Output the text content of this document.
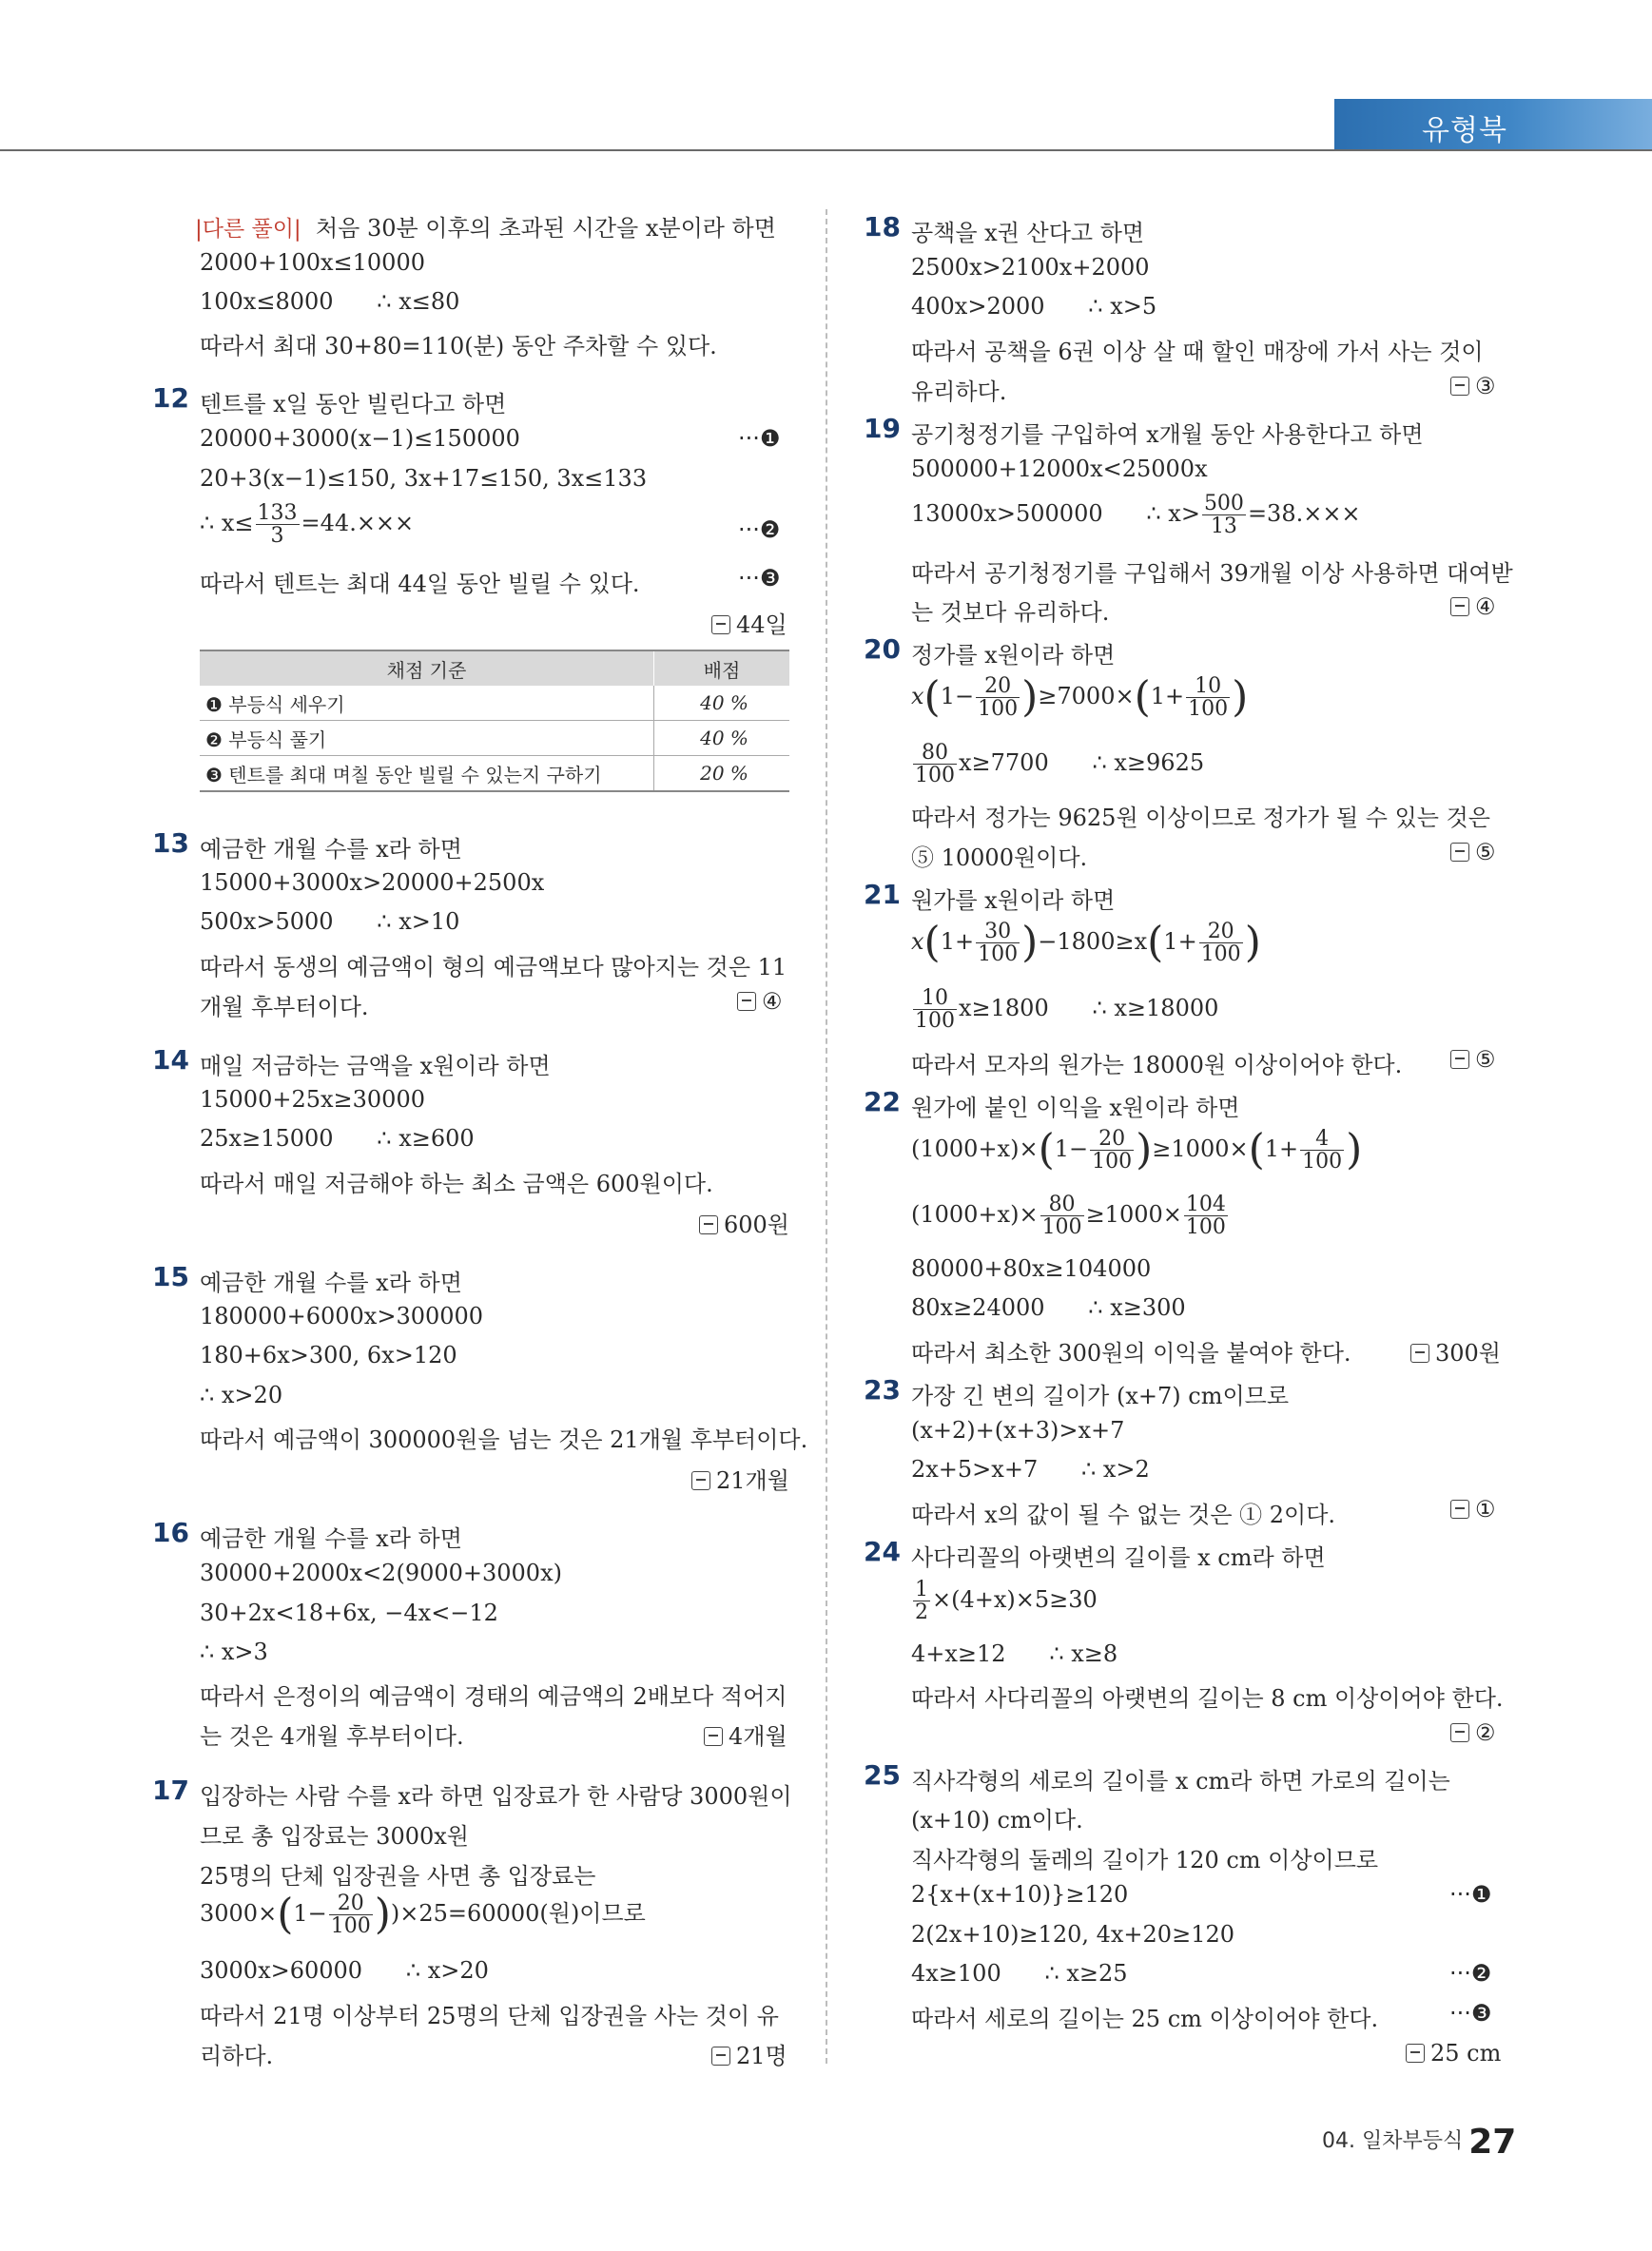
유형북
|다른 풀이| 처음 30분 이후의 초과된 시간을 x분이라 하면
2000+100x≤10000
100x≤8000      ∴ x≤80
따라서 최대 30+80=110(분) 동안 주차할 수 있다.
12 텐트를 x일 동안 빌린다고 하면
20000+3000(x−1)≤150000	···❶
20+3(x−1)≤150, 3x+17≤150, 3x≤133
∴ $x\le \frac{133}{3} =44.\times\times\times$	···❷
따라서 텐트는 최대 44일 동안 빌릴 수 있다.	···❸
44일
채점 기준	배점
❶ 부등식 세우기	40 %
❷ 부등식 풀기	40 %
❸ 텐트를 최대 며칠 동안 빌릴 수 있는지 구하기	20 %
13 예금한 개월 수를 x라 하면
15000+3000x>20000+2500x
500x>5000      ∴ x>10
따라서 동생의 예금액이 형의 예금액보다 많아지는 것은 11
개월 후부터이다.	④
14 매일 저금하는 금액을 x원이라 하면
15000+25x≥30000
25x≥15000      ∴ x≥600
따라서 매일 저금해야 하는 최소 금액은 600원이다.
600원
15 예금한 개월 수를 x라 하면
180000+6000x>300000
180+6x>300, 6x>120
∴ x>20
따라서 예금액이 300000원을 넘는 것은 21개월 후부터이다.
21개월
16 예금한 개월 수를 x라 하면
30000+2000x<2(9000+3000x)
30+2x<18+6x, −4x<−12
∴ x>3
따라서 은정이의 예금액이 경태의 예금액의 2배보다 적어지
는 것은 4개월 후부터이다.	4개월
17 입장하는 사람 수를 x라 하면 입장료가 한 사람당 3000원이
므로 총 입장료는 3000x원
25명의 단체 입장권을 사면 총 입장료는
$3000\times(1- \frac{20}{100} ))\times 25=60000$(원)이므로
3000x>60000      ∴ x>20
따라서 21명 이상부터 25명의 단체 입장권을 사는 것이 유
리하다.	21명
18 공책을 x권 산다고 하면
2500x>2100x+2000
400x>2000      ∴ x>5
따라서 공책을 6권 이상 살 때 할인 매장에 가서 사는 것이
유리하다.	③
19 공기청정기를 구입하여 x개월 동안 사용한다고 하면
500000+12000x<25000x
13000x>500000      ∴ $x> \frac{500}{13} =38.\times\times\times$
따라서 공기청정기를 구입해서 39개월 이상 사용하면 대여받
는 것보다 유리하다.	④
20 정가를 x원이라 하면
$x(1- \frac{20}{100} )\ge 7000\times(1+ \frac{10}{100}$ )
$\frac{80}{100} x\ge 7700$      ∴ x≥9625
따라서 정가는 9625원 이상이므로 정가가 될 수 있는 것은
⑤ 10000원이다.	⑤
21 원가를 x원이라 하면
$x(1+ \frac{30}{100} )-1800\ge x(1+ \frac{20}{100}$ )
$\frac{10}{100} x\ge 1800$      ∴ x≥18000
따라서 모자의 원가는 18000원 이상이어야 한다.	⑤
22 원가에 붙인 이익을 x원이라 하면
$(1000+x)\times(1- \frac{20}{100} )\ge 1000\times(1+ \frac{4}{100}$ )
$(1000+x)\times \frac{80}{100} \ge 1000\times \frac{104}{100}$
80000+80x≥104000
80x≥24000      ∴ x≥300
따라서 최소한 300원의 이익을 붙여야 한다.	300원
23 가장 긴 변의 길이가 (x+7) cm이므로
(x+2)+(x+3)>x+7
2x+5>x+7      ∴ x>2
따라서 x의 값이 될 수 없는 것은 ① 2이다.	①
24 사다리꼴의 아랫변의 길이를 x cm라 하면
$\frac{1}{2} \times(4+x)\times 5\ge 30$
4+x≥12      ∴ x≥8
따라서 사다리꼴의 아랫변의 길이는 8 cm 이상이어야 한다.
②
25 직사각형의 세로의 길이를 x cm라 하면 가로의 길이는
(x+10) cm이다.
직사각형의 둘레의 길이가 120 cm 이상이므로
2{x+(x+10)}≥120	···❶
2(2x+10)≥120, 4x+20≥120
4x≥100      ∴ x≥25	···❷
따라서 세로의 길이는 25 cm 이상이어야 한다.	···❸
25 cm
04. 일차부등식 27
